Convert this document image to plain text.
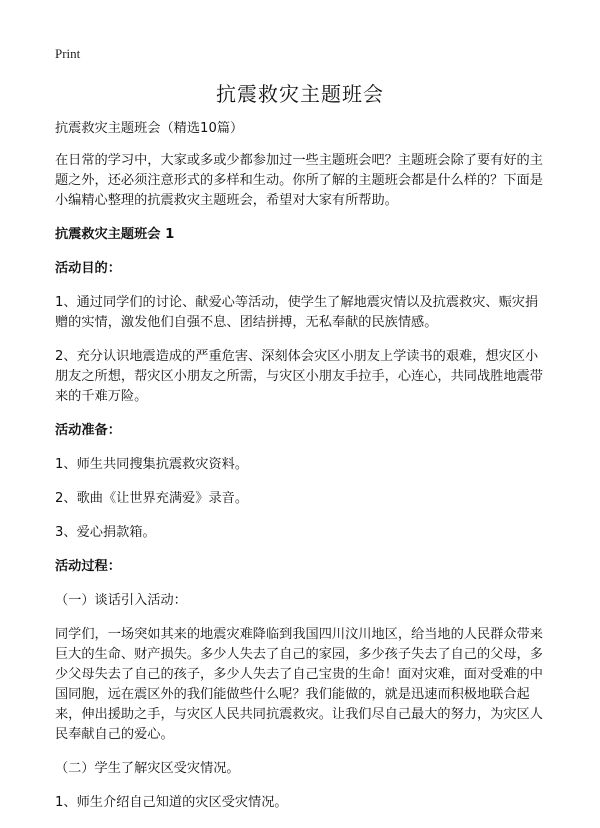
Print
抗震救灾主题班会

抗震救灾主题班会（精选10篇）

在日常的学习中，大家或多或少都参加过一些主题班会吧？主题班会除了要有好的主题之外，还必须注意形式的多样和生动。你所了解的主题班会都是什么样的？下面是小编精心整理的抗震救灾主题班会，希望对大家有所帮助。

抗震救灾主题班会 1

活动目的：

1、通过同学们的讨论、献爱心等活动，使学生了解地震灾情以及抗震救灾、赈灾捐赠的实情，激发他们自强不息、团结拼搏，无私奉献的民族情感。

2、充分认识地震造成的严重危害、深刻体会灾区小朋友上学读书的艰难，想灾区小朋友之所想，帮灾区小朋友之所需，与灾区小朋友手拉手，心连心，共同战胜地震带来的千难万险。

活动准备：

1、师生共同搜集抗震救灾资料。

2、歌曲《让世界充满爱》录音。

3、爱心捐款箱。

活动过程：

（一）谈话引入活动：

同学们，一场突如其来的地震灾难降临到我国四川汶川地区，给当地的人民群众带来巨大的生命、财产损失。多少人失去了自己的家园，多少孩子失去了自己的父母，多少父母失去了自己的孩子，多少人失去了自己宝贵的生命！面对灾难，面对受难的中国同胞，远在震区外的我们能做些什么呢？我们能做的，就是迅速而积极地联合起来，伸出援助之手，与灾区人民共同抗震救灾。让我们尽自己最大的努力，为灾区人民奉献自己的爱心。

（二）学生了解灾区受灾情况。

1、师生介绍自己知道的灾区受灾情况。
